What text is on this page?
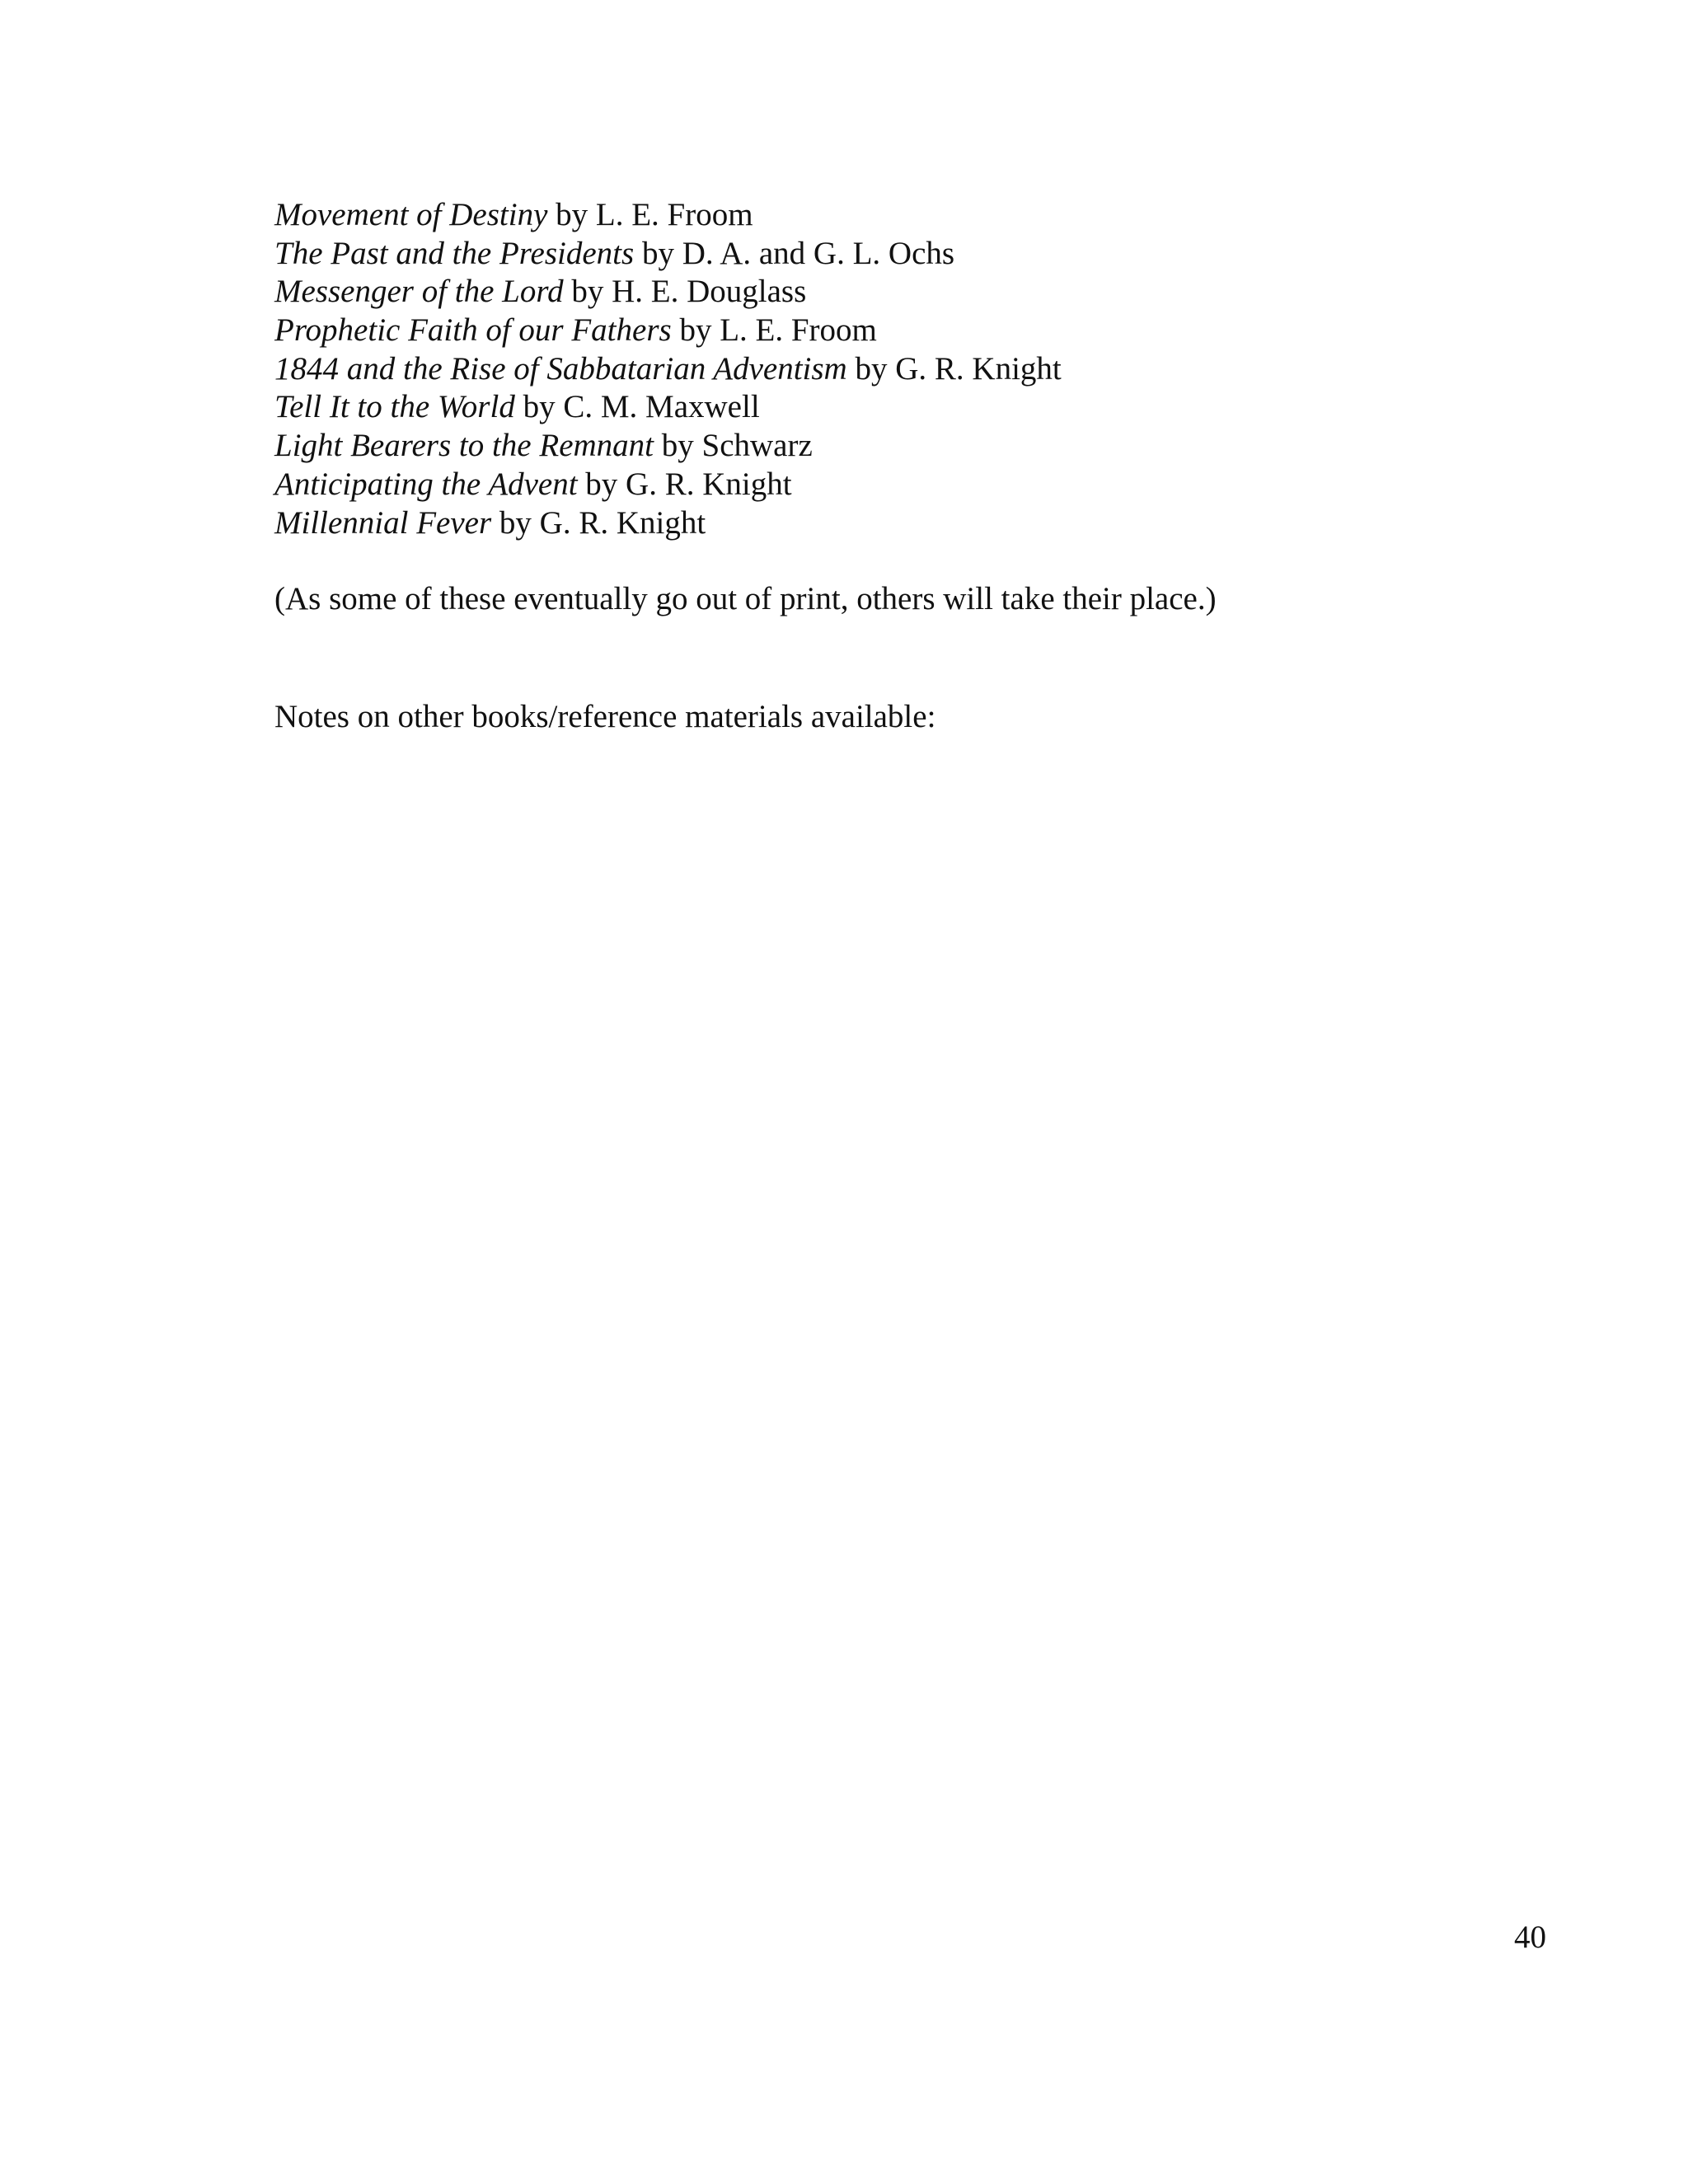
Movement of Destiny by L. E. Froom
The Past and the Presidents by D. A. and G. L. Ochs
Messenger of the Lord by H. E. Douglass
Prophetic Faith of our Fathers by L. E. Froom
1844 and the Rise of Sabbatarian Adventism by G. R. Knight
Tell It to the World by C. M. Maxwell
Light Bearers to the Remnant by Schwarz
Anticipating the Advent by G. R. Knight
Millennial Fever by G. R. Knight

(As some of these eventually go out of print, others will take their place.)

Notes on other books/reference materials available:

40
